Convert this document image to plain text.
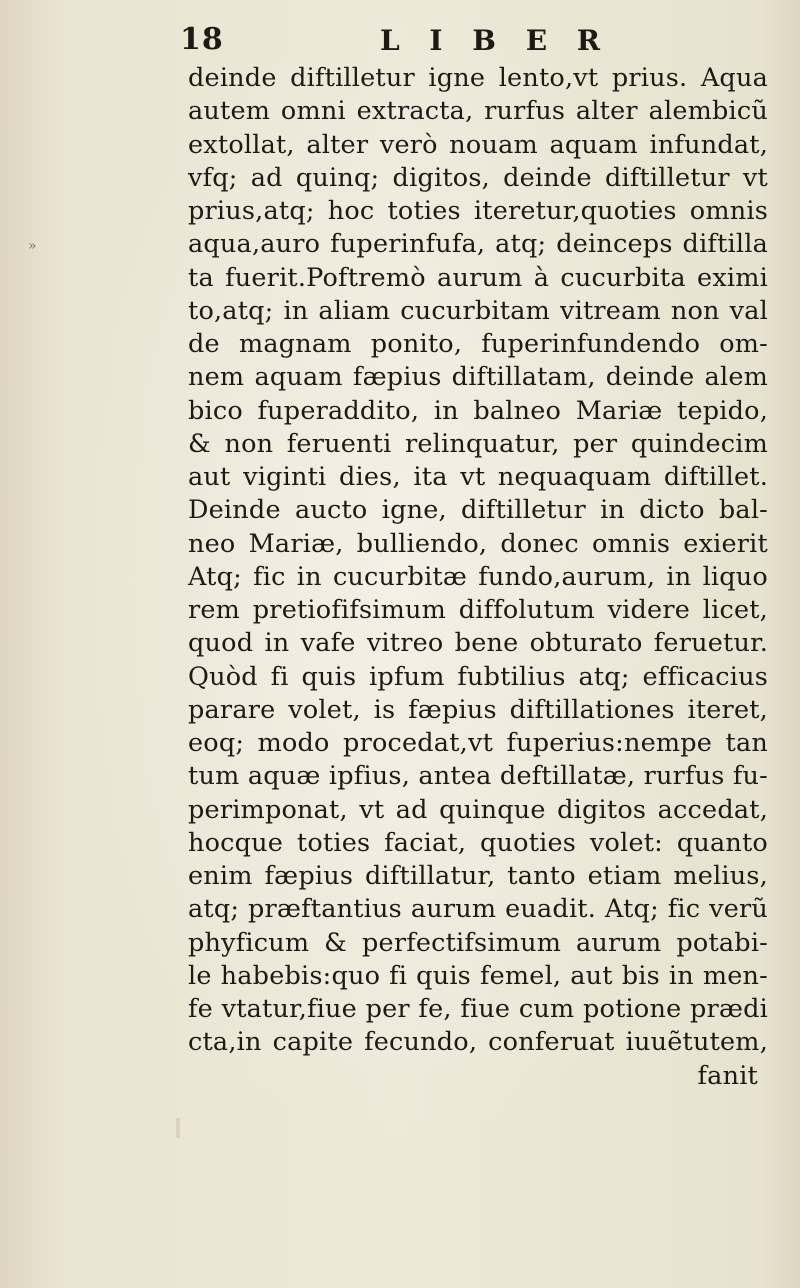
18	L I B E R
»
deinde diftilletur igne lento,vt prius. Aqua
autem omni extracta, rurfus alter alembicũ
extollat, alter verò nouam aquam infundat,
vfq; ad quinq; digitos, deinde diftilletur vt
prius,atq; hoc toties iteretur,quoties omnis
aqua,auro fuperinfufa, atq; deinceps diftilla
ta fuerit.Poftremò aurum à cucurbita eximi
to,atq; in aliam cucurbitam vitream non val
de magnam ponito, fuperinfundendo om-
nem aquam fæpius diftillatam, deinde alem
bico fuperaddito, in balneo Mariæ tepido,
& non feruenti relinquatur, per quindecim
aut viginti dies, ita vt nequaquam diftillet.
Deinde aucto igne, diftilletur in dicto bal-
neo Mariæ, bulliendo, donec omnis exierit
Atq; fic in cucurbitæ fundo,aurum, in liquo
rem pretiofifsimum diffolutum videre licet,
quod in vafe vitreo bene obturato feruetur.
Quòd fi quis ipfum fubtilius atq; efficacius
parare volet, is fæpius diftillationes iteret,
eoq; modo procedat,vt fuperius:nempe tan
tum aquæ ipfius, antea deftillatæ, rurfus fu-
perimponat, vt ad quinque digitos accedat,
hocque toties faciat, quoties volet: quanto
enim fæpius diftillatur, tanto etiam melius,
atq; præftantius aurum euadit. Atq; fic verũ
phyficum & perfectifsimum aurum potabi-
le habebis:quo fi quis femel, aut bis in men-
fe vtatur,fiue per fe, fiue cum potione prædi
cta,in capite fecundo, conferuat iuuẽtutem,
fanit
